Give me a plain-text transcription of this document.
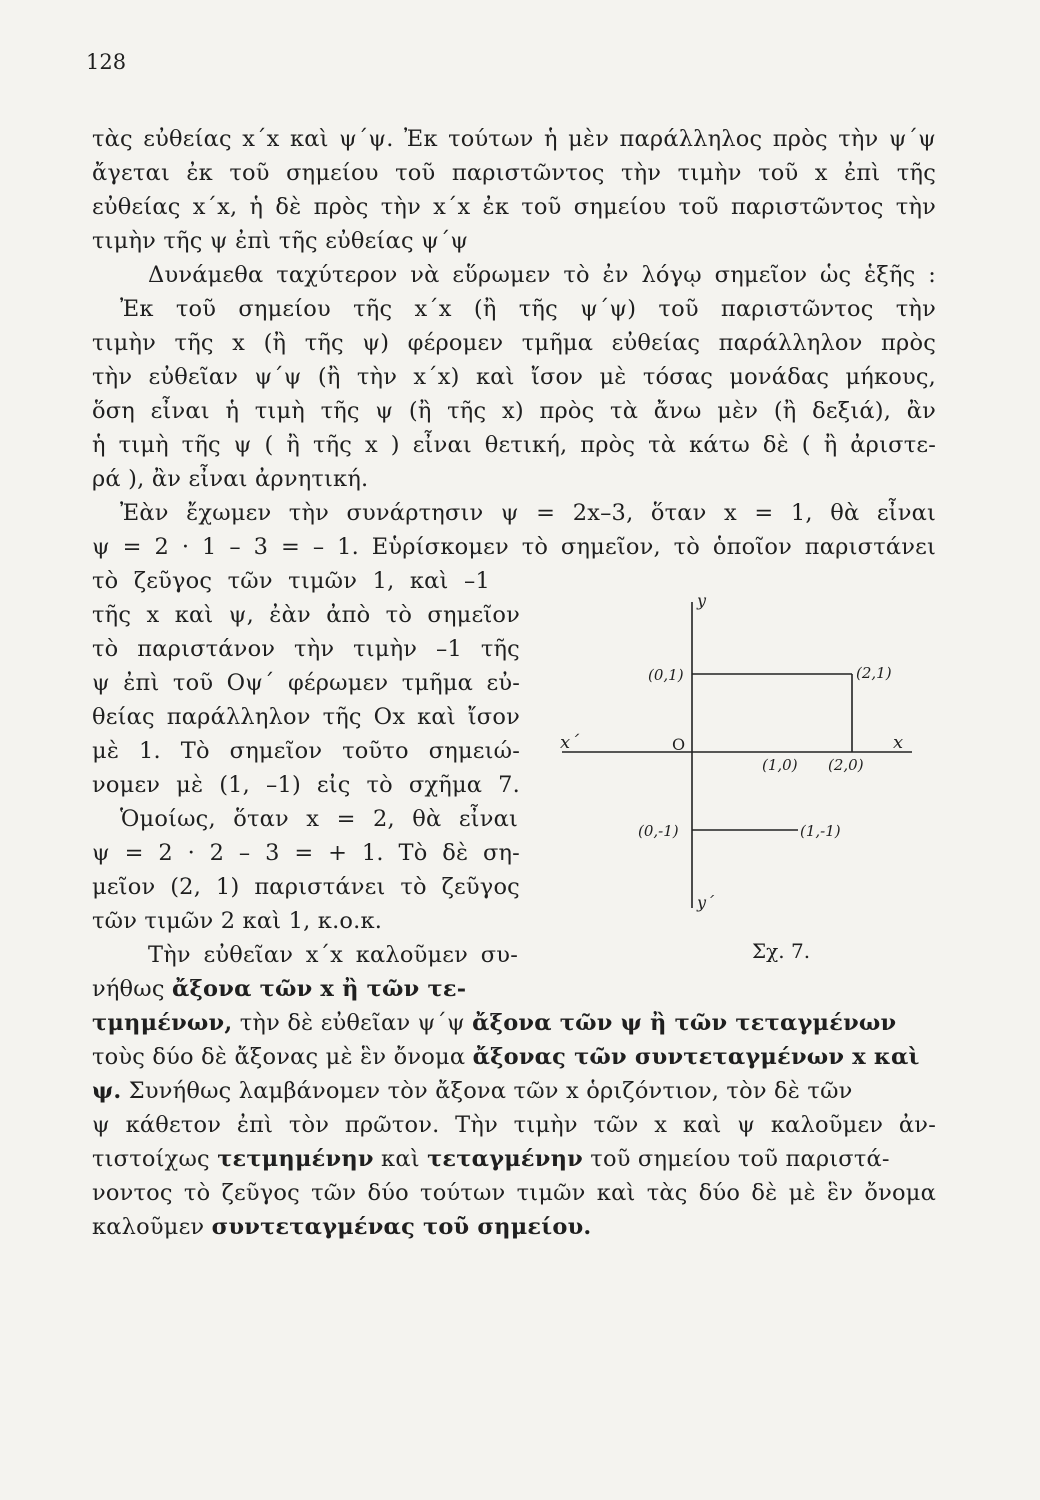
128
τὰς εὐθείας x΄x καὶ ψ΄ψ. Ἐκ τούτων ἡ μὲν παράλληλος πρὸς τὴν ψ΄ψ
ἄγεται ἐκ τοῦ σημείου τοῦ παριστῶντος τὴν τιμὴν τοῦ x ἐπὶ τῆς
εὐθείας x΄x, ἡ δὲ πρὸς τὴν x΄x ἐκ τοῦ σημείου τοῦ παριστῶντος τὴν
τιμὴν τῆς ψ ἐπὶ τῆς εὐθείας ψ΄ψ
Δυνάμεθα ταχύτερον νὰ εὕρωμεν τὸ ἐν λόγῳ σημεῖον ὡς ἑξῆς :
Ἐκ τοῦ σημείου τῆς x΄x (ἢ τῆς ψ΄ψ) τοῦ παριστῶντος τὴν
τιμὴν τῆς x (ἢ τῆς ψ) φέρομεν τμῆμα εὐθείας παράλληλον πρὸς
τὴν εὐθεῖαν ψ΄ψ (ἢ τὴν x΄x) καὶ ἴσον μὲ τόσας μονάδας μήκους,
ὅση εἶναι ἡ τιμὴ τῆς ψ (ἢ τῆς x) πρὸς τὰ ἄνω μὲν (ἢ δεξιά), ἂν
ἡ τιμὴ τῆς ψ ( ἢ τῆς x ) εἶναι θετική, πρὸς τὰ κάτω δὲ ( ἢ ἀριστε-
ρά ), ἂν εἶναι ἀρνητική.
Ἐὰν ἔχωμεν τὴν συνάρτησιν ψ = 2x–3, ὅταν x = 1, θὰ εἶναι
ψ = 2 · 1 – 3 = – 1. Εὑρίσκομεν τὸ σημεῖον, τὸ ὁποῖον παριστάνει
τὸ ζεῦγος τῶν τιμῶν 1, καὶ –1
τῆς x καὶ ψ, ἐὰν ἀπὸ τὸ σημεῖον
τὸ παριστάνον τὴν τιμὴν –1 τῆς
ψ ἐπὶ τοῦ Οψ΄ φέρωμεν τμῆμα εὐ-
θείας παράλληλον τῆς Οx καὶ ἴσον
μὲ 1. Τὸ σημεῖον τοῦτο σημειώ-
νομεν μὲ (1, –1) εἰς τὸ σχῆμα 7.
Ὁμοίως, ὅταν x = 2, θὰ εἶναι
ψ = 2 · 2 – 3 = + 1. Τὸ δὲ ση-
μεῖον (2, 1) παριστάνει τὸ ζεῦγος
τῶν τιμῶν 2 καὶ 1, κ.ο.κ.
Τὴν εὐθεῖαν x΄x καλοῦμεν συ-
νήθως ἄξονα τῶν x ἢ τῶν τε-
τμημένων, τὴν δὲ εὐθεῖαν ψ΄ψ ἄξονα τῶν ψ ἢ τῶν τεταγμένων
τοὺς δύο δὲ ἄξονας μὲ ἓν ὄνομα ἄξονας τῶν συντεταγμένων x καὶ
ψ. Συνήθως λαμβάνομεν τὸν ἄξονα τῶν x ὁριζόντιον, τὸν δὲ τῶν
ψ κάθετον ἐπὶ τὸν πρῶτον. Τὴν τιμὴν τῶν x καὶ ψ καλοῦμεν ἀν-
τιστοίχως τετμημένην καὶ τεταγμένην τοῦ σημείου τοῦ παριστά-
νοντος τὸ ζεῦγος τῶν δύο τούτων τιμῶν καὶ τὰς δύο δὲ μὲ ἓν ὄνομα
καλοῦμεν συντεταγμένας τοῦ σημείου.
y
y΄
x΄	x
O
(0,1)	(2,1)
(1,0) (2,0)
(0,-1)	(1,-1)
Σχ. 7.
